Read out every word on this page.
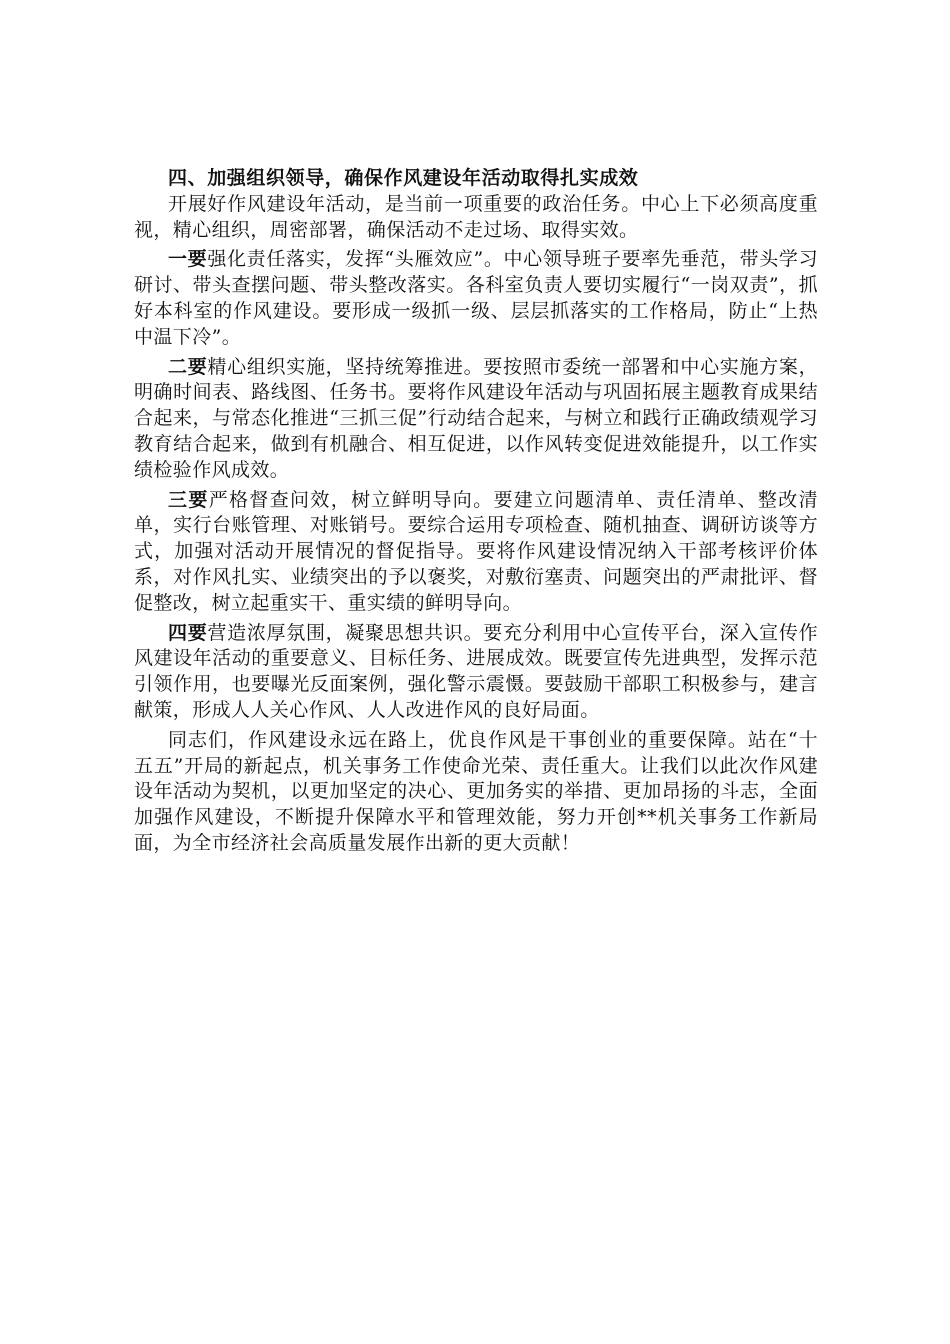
四、加强组织领导，确保作风建设年活动取得扎实成效

开展好作风建设年活动，是当前一项重要的政治任务。中心上下必须高度重视，精心组织，周密部署，确保活动不走过场、取得实效。

一要强化责任落实，发挥“头雁效应”。中心领导班子要率先垂范，带头学习研讨、带头查摆问题、带头整改落实。各科室负责人要切实履行“一岗双责”，抓好本科室的作风建设。要形成一级抓一级、层层抓落实的工作格局，防止“上热中温下冷”。

二要精心组织实施，坚持统筹推进。要按照市委统一部署和中心实施方案，明确时间表、路线图、任务书。要将作风建设年活动与巩固拓展主题教育成果结合起来，与常态化推进“三抓三促”行动结合起来，与树立和践行正确政绩观学习教育结合起来，做到有机融合、相互促进，以作风转变促进效能提升，以工作实绩检验作风成效。

三要严格督查问效，树立鲜明导向。要建立问题清单、责任清单、整改清单，实行台账管理、对账销号。要综合运用专项检查、随机抽查、调研访谈等方式，加强对活动开展情况的督促指导。要将作风建设情况纳入干部考核评价体系，对作风扎实、业绩突出的予以褒奖，对敷衍塞责、问题突出的严肃批评、督促整改，树立起重实干、重实绩的鲜明导向。

四要营造浓厚氛围，凝聚思想共识。要充分利用中心宣传平台，深入宣传作风建设年活动的重要意义、目标任务、进展成效。既要宣传先进典型，发挥示范引领作用，也要曝光反面案例，强化警示震慑。要鼓励干部职工积极参与，建言献策，形成人人关心作风、人人改进作风的良好局面。

同志们，作风建设永远在路上，优良作风是干事创业的重要保障。站在“十五五”开局的新起点，机关事务工作使命光荣、责任重大。让我们以此次作风建设年活动为契机，以更加坚定的决心、更加务实的举措、更加昂扬的斗志，全面加强作风建设，不断提升保障水平和管理效能，努力开创**机关事务工作新局面，为全市经济社会高质量发展作出新的更大贡献！
